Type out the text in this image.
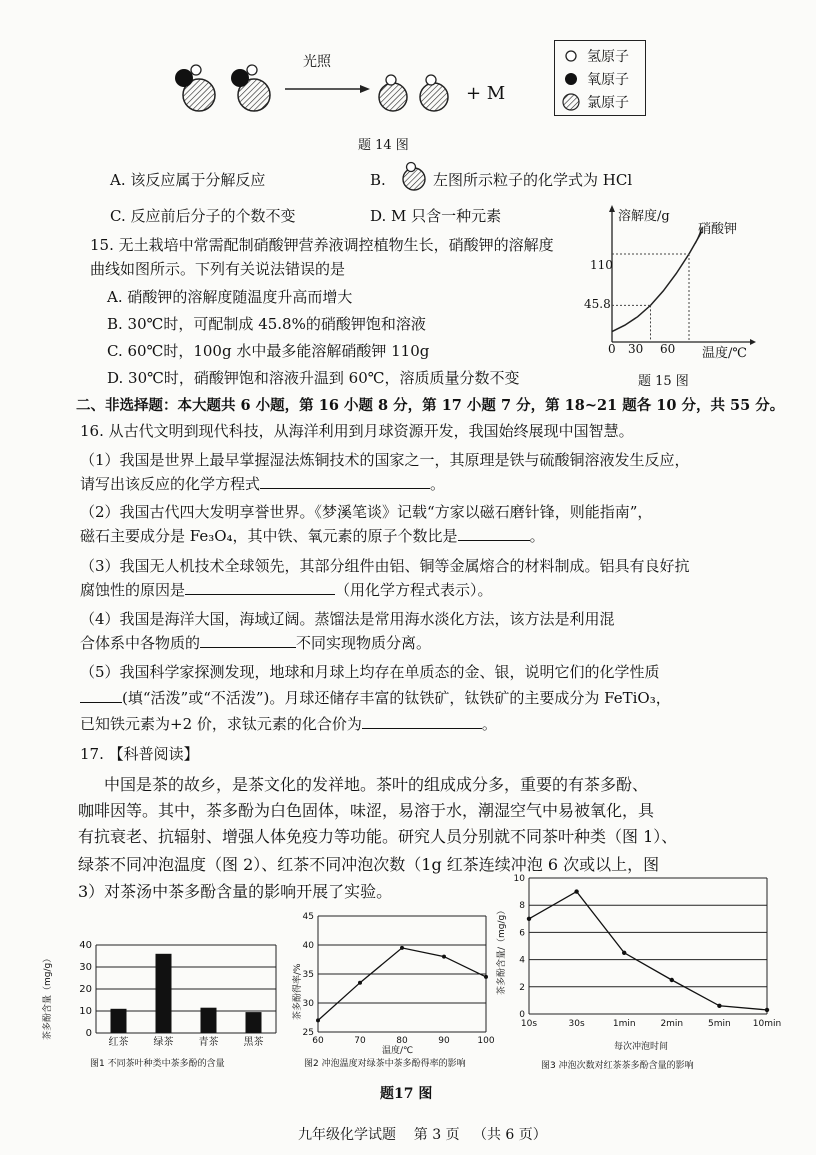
光照
+ M
氢原子
氧原子
氯原子
题 14 图
A. 该反应属于分解反应	B.	左图所示粒子的化学式为 HCl
C. 反应前后分子的个数不变	D. M 只含一种元素
15. 无土栽培中常需配制硝酸钾营养液调控植物生长，硝酸钾的溶解度
曲线如图所示。下列有关说法错误的是
A. 硝酸钾的溶解度随温度升高而增大
B. 30℃时，可配制成 45.8%的硝酸钾饱和溶液
C. 60℃时，100g 水中最多能溶解硝酸钾 110g
D. 30℃时，硝酸钾饱和溶液升温到 60℃，溶质质量分数不变
溶解度/g
硝酸钾
110
45.8
0 30 60 温度/℃
题 15 图
二、非选择题：本大题共 6 小题，第 16 小题 8 分，第 17 小题 7 分，第 18~21 题各 10 分，共 55 分。
16. 从古代文明到现代科技，从海洋利用到月球资源开发，我国始终展现中国智慧。
（1）我国是世界上最早掌握湿法炼铜技术的国家之一，其原理是铁与硫酸铜溶液发生反应，
请写出该反应的化学方程式	。
（2）我国古代四大发明享誉世界。《梦溪笔谈》记载“方家以磁石磨针锋，则能指南”，
磁石主要成分是 Fe₃O₄，其中铁、氧元素的原子个数比是	。
（3）我国无人机技术全球领先，其部分组件由铝、铜等金属熔合的材料制成。铝具有良好抗
腐蚀性的原因是	（用化学方程式表示）。
（4）我国是海洋大国，海域辽阔。蒸馏法是常用海水淡化方法，该方法是利用混
合体系中各物质的	不同实现物质分离。
（5）我国科学家探测发现，地球和月球上均存在单质态的金、银，说明它们的化学性质
(填“活泼”或“不活泼”)。月球还储存丰富的钛铁矿，钛铁矿的主要成分为 FeTiO₃，
已知铁元素为+2 价，求钛元素的化合价为	。
17. 【科普阅读】
中国是茶的故乡，是茶文化的发祥地。茶叶的组成成分多，重要的有茶多酚、
咖啡因等。其中，茶多酚为白色固体，味涩，易溶于水，潮湿空气中易被氧化，具
有抗衰老、抗辐射、增强人体免疫力等功能。研究人员分别就不同茶叶种类（图 1）、
绿茶不同冲泡温度（图 2）、红茶不同冲泡次数（1g 红茶连续冲泡 6 次或以上，图
3）对茶汤中茶多酚含量的影响开展了实验。
0
10
20
30
40
红茶	绿茶	青茶	黑茶
茶多酚含量（mg/g）
图1 不同茶叶种类中茶多酚的含量
25
30
35
40
45
60	70	80	90	100
茶多酚得率/%
温度/℃
图2 冲泡温度对绿茶中茶多酚得率的影响
0
2
4
6
8
10
10s	30s	1min	2min	5min 10min
茶多酚含量/（mg/g）
每次冲泡时间
图3 冲泡次数对红茶茶多酚含量的影响
题17 图
九年级化学试题    第 3 页   （共 6 页）
